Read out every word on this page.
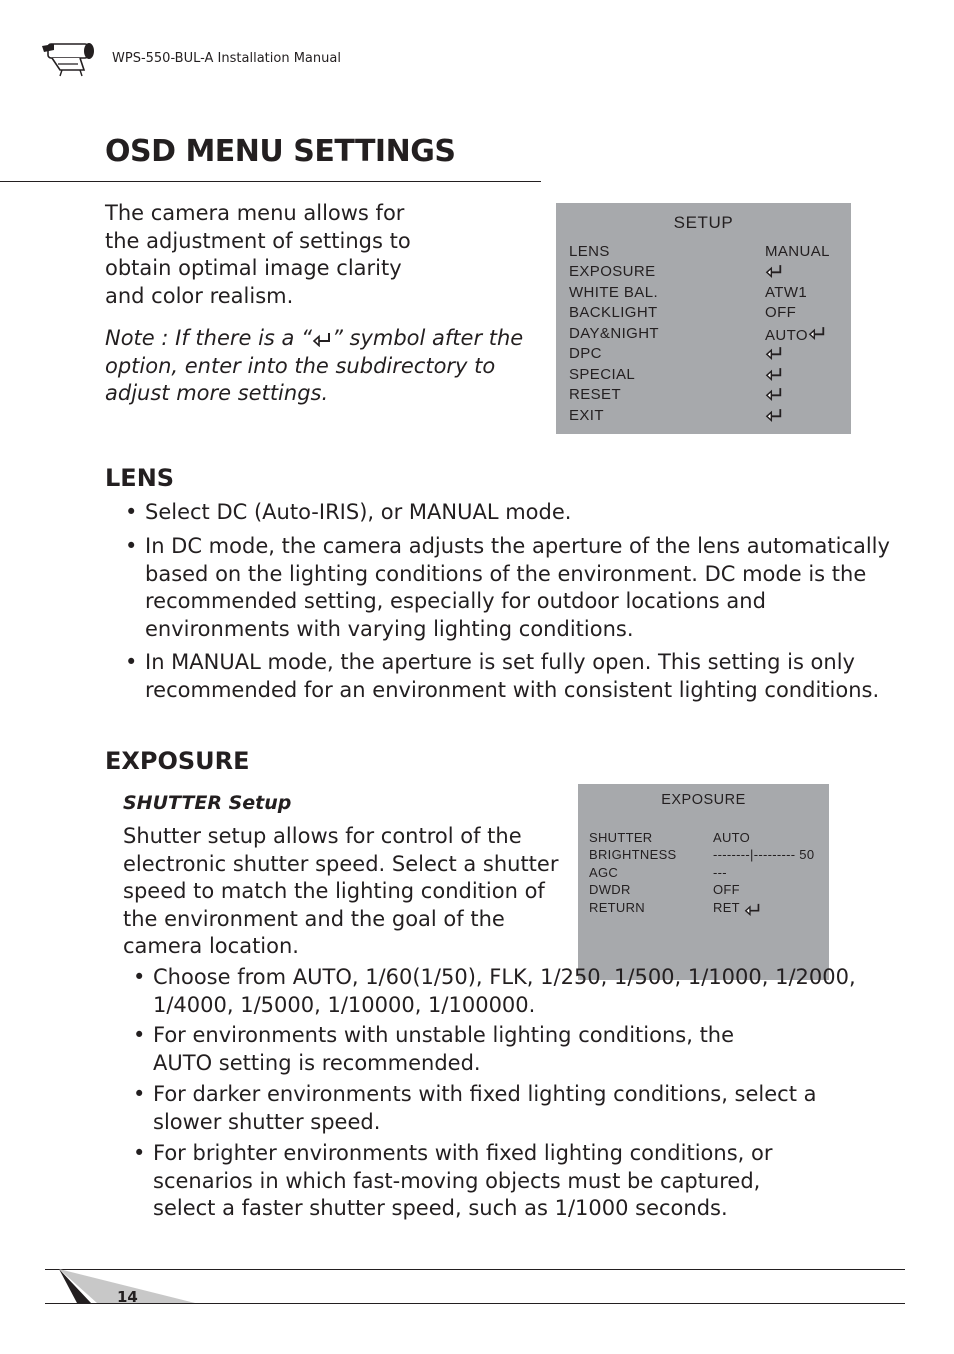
WPS-550-BUL-A Installation Manual
OSD MENU SETTINGS
The camera menu allows for the adjustment of settings to obtain optimal image clarity and color realism.
Note : If there is a “ ” symbol after the option, enter into the subdirectory to adjust more settings.
SETUP
LENS	MANUAL
EXPOSURE
WHITE BAL.	ATW1
BACKLIGHT	OFF
DAY&NIGHT	AUTO
DPC
SPECIAL
RESET
EXIT
LENS
• Select DC (Auto-IRIS), or MANUAL mode.
• In DC mode, the camera adjusts the aperture of the lens automatically based on the lighting conditions of the environment. DC mode is the recommended setting, especially for outdoor locations and environments with varying lighting conditions.
• In MANUAL mode, the aperture is set fully open. This setting is only recommended for an environment with consistent lighting conditions.
EXPOSURE
SHUTTER Setup
Shutter setup allows for control of the electronic shutter speed. Select a shutter speed to match the lighting condition of the environment and the goal of the camera location.
EXPOSURE
SHUTTER	AUTO
BRIGHTNESS	--------|--------- 50
AGC	---
DWDR	OFF
RETURN	RET
• Choose from AUTO, 1/60(1/50), FLK, 1/250, 1/500, 1/1000, 1/2000, 1/4000, 1/5000, 1/10000, 1/100000.
• For environments with unstable lighting conditions, the AUTO setting is recommended.
• For darker environments with fixed lighting conditions, select a slower shutter speed.
• For brighter environments with fixed lighting conditions, or scenarios in which fast-moving objects must be captured, select a faster shutter speed, such as 1/1000 seconds.
14
